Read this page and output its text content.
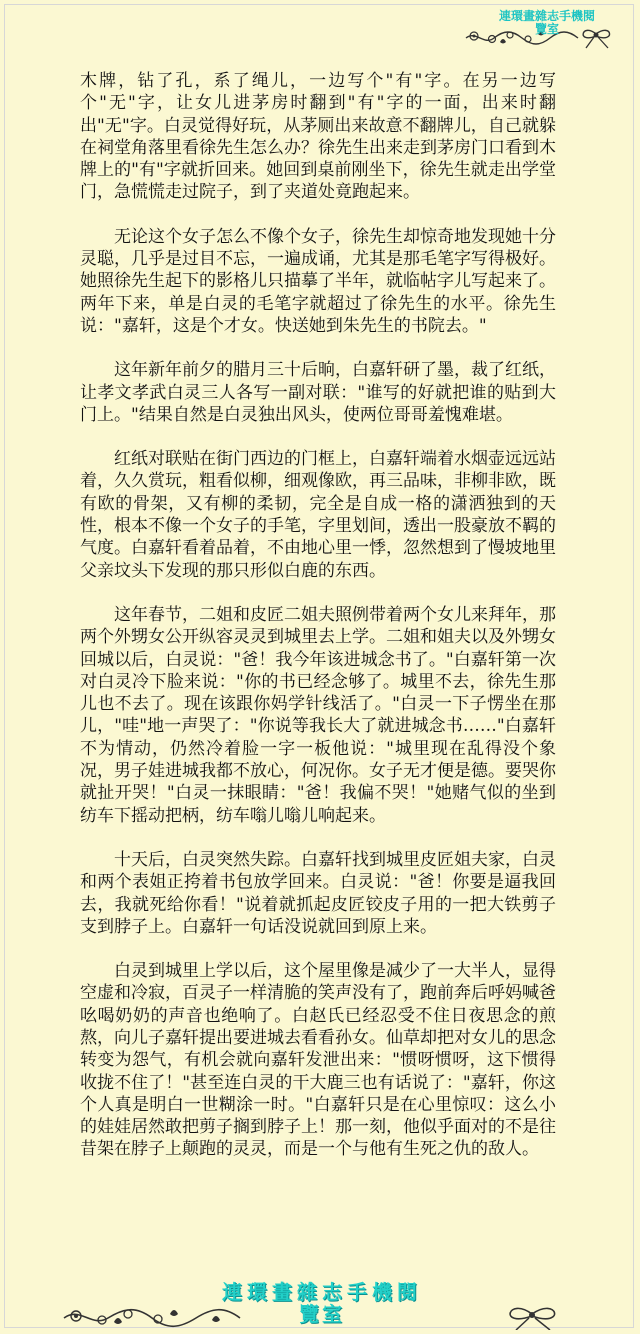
連環畫雜志手機閱
覽室

木牌，钻了孔，系了绳儿，一边写个"有"字。在另一边写个"无"字，让女儿进茅房时翻到"有"字的一面，出来时翻出"无"字。白灵觉得好玩，从茅厕出来故意不翻牌儿，自己就躲在祠堂角落里看徐先生怎么办？徐先生出来走到茅房门口看到木牌上的"有"字就折回来。她回到桌前刚坐下，徐先生就走出学堂门，急慌慌走过院子，到了夹道处竟跑起来。

无论这个女子怎么不像个女子，徐先生却惊奇地发现她十分灵聪，几乎是过目不忘，一遍成诵，尤其是那毛笔字写得极好。她照徐先生起下的影格儿只描摹了半年，就临帖字儿写起来了。两年下来，单是白灵的毛笔字就超过了徐先生的水平。徐先生说："嘉轩，这是个才女。快送她到朱先生的书院去。"

这年新年前夕的腊月三十后晌，白嘉轩研了墨，裁了红纸，让孝文孝武白灵三人各写一副对联："谁写的好就把谁的贴到大门上。"结果自然是白灵独出风头，使两位哥哥羞愧难堪。

红纸对联贴在街门西边的门框上，白嘉轩端着水烟壶远远站着，久久赏玩，粗看似柳，细观像欧，再三品味，非柳非欧，既有欧的骨架，又有柳的柔韧，完全是自成一格的潇洒独到的天性，根本不像一个女子的手笔，字里划间，透出一股豪放不羁的气度。白嘉轩看着品着，不由地心里一悸，忽然想到了慢坡地里父亲坟头下发现的那只形似白鹿的东西。

这年春节，二姐和皮匠二姐夫照例带着两个女儿来拜年，那两个外甥女公开纵容灵灵到城里去上学。二姐和姐夫以及外甥女回城以后，白灵说："爸！我今年该进城念书了。"白嘉轩第一次对白灵冷下脸来说："你的书已经念够了。城里不去，徐先生那儿也不去了。现在该跟你妈学针线活了。"白灵一下子愣坐在那儿，"哇"地一声哭了："你说等我长大了就进城念书……"白嘉轩不为情动，仍然冷着脸一字一板他说："城里现在乱得没个象况，男子娃进城我都不放心，何况你。女子无才便是德。要哭你就扯开哭！"白灵一抹眼睛："爸！我偏不哭！"她赌气似的坐到纺车下摇动把柄，纺车嗡儿嗡儿响起来。

十天后，白灵突然失踪。白嘉轩找到城里皮匠姐夫家，白灵和两个表姐正挎着书包放学回来。白灵说："爸！你要是逼我回去，我就死给你看！"说着就抓起皮匠铰皮子用的一把大铁剪子支到脖子上。白嘉轩一句话没说就回到原上来。

白灵到城里上学以后，这个屋里像是减少了一大半人，显得空虚和冷寂，百灵子一样清脆的笑声没有了，跑前奔后呼妈喊爸吆喝奶奶的声音也绝响了。白赵氏已经忍受不住日夜思念的煎熬，向儿子嘉轩提出要进城去看看孙女。仙草却把对女儿的思念转变为怨气，有机会就向嘉轩发泄出来："惯呀惯呀，这下惯得收拢不住了！"甚至连白灵的干大鹿三也有话说了："嘉轩，你这个人真是明白一世糊涂一时。"白嘉轩只是在心里惊叹：这么小的娃娃居然敢把剪子搁到脖子上！那一刻，他似乎面对的不是往昔架在脖子上颠跑的灵灵，而是一个与他有生死之仇的敌人。

連環畫雜志手機閱
覽室
